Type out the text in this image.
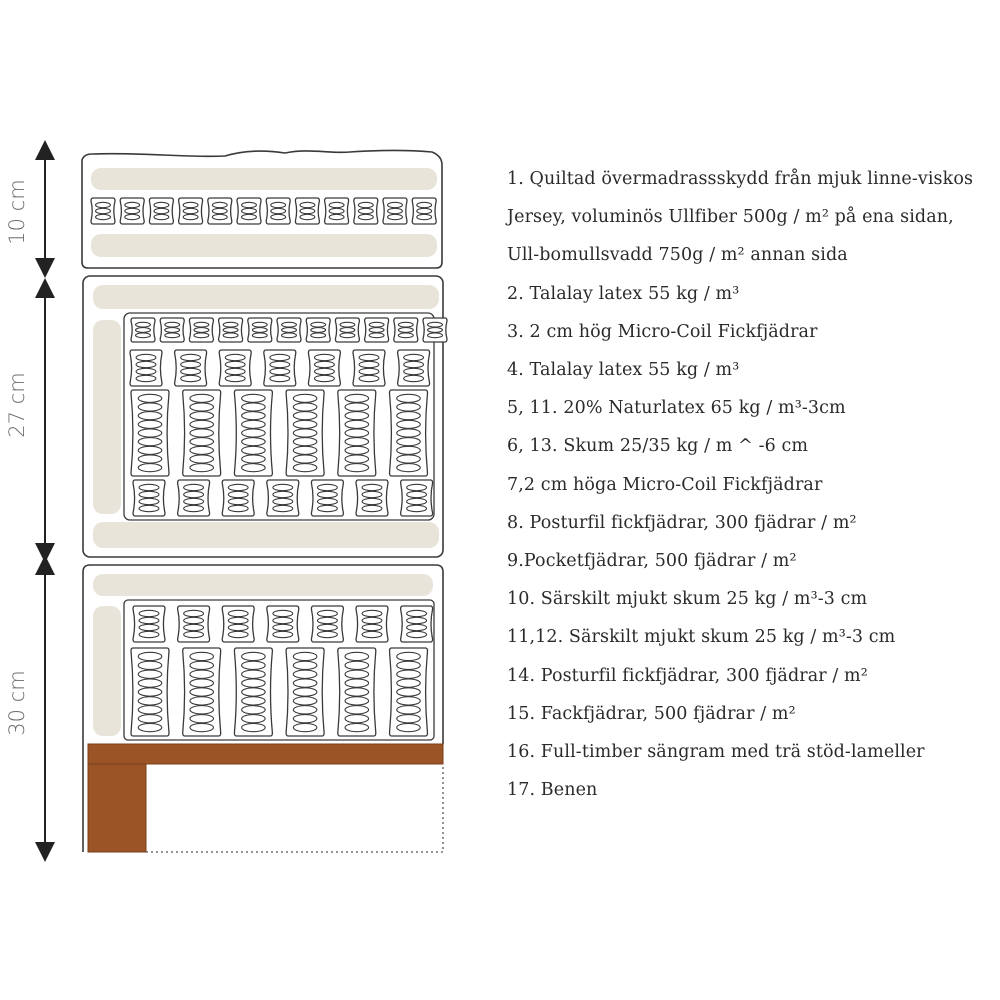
10 cm
27 cm
30 cm
1. Quiltad övermadrassskydd från mjuk linne-viskos
Jersey, voluminös Ullfiber 500g / m² på ena sidan,
Ull-bomullsvadd 750g / m² annan sida
2. Talalay latex 55 kg / m³
3. 2 cm hög Micro-Coil Fickfjädrar
4. Talalay latex 55 kg / m³
5, 11. 20% Naturlatex 65 kg / m³-3cm
6, 13. Skum 25/35 kg / m ^ -6 cm
7,2 cm höga Micro-Coil Fickfjädrar
8. Posturfil fickfjädrar, 300 fjädrar / m²
9.Pocketfjädrar, 500 fjädrar / m²
10. Särskilt mjukt skum 25 kg / m³-3 cm
11,12. Särskilt mjukt skum 25 kg / m³-3 cm
14. Posturfil fickfjädrar, 300 fjädrar / m²
15. Fackfjädrar, 500 fjädrar / m²
16. Full-timber sängram med trä stöd-lameller
17. Benen
